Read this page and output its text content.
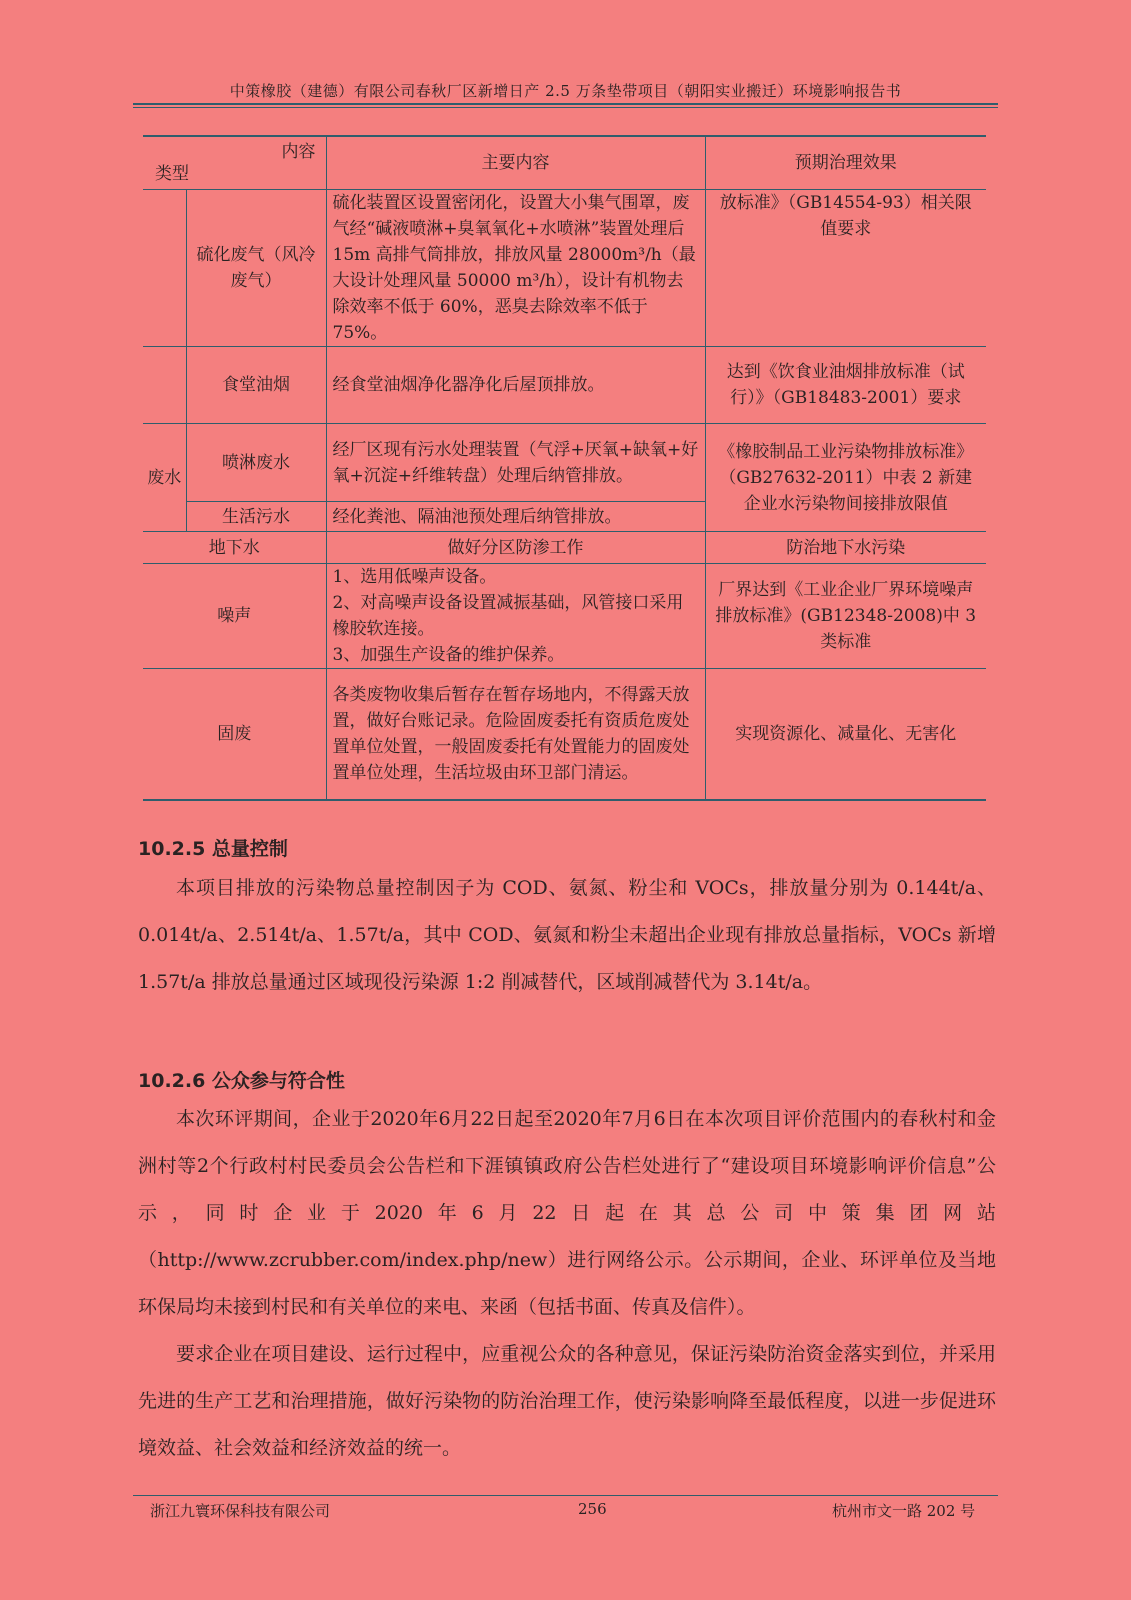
中策橡胶（建德）有限公司春秋厂区新增日产 2.5 万条垫带项目（朝阳实业搬迁）环境影响报告书
内容
类型		主要内容	预期治理效果
	硫化废气（风冷废气）	硫化装置区设置密闭化，设置大小集气围罩，废气经“碱液喷淋+臭氧氧化+水喷淋”装置处理后 15m 高排气筒排放，排放风量 28000m³/h（最大设计处理风量 50000 m³/h），设计有机物去除效率不低于 60%，恶臭去除效率不低于 75%。	放标准》（GB14554-93）相关限值要求
	食堂油烟	经食堂油烟净化器净化后屋顶排放。	达到《饮食业油烟排放标准（试行）》（GB18483-2001）要求
废水	喷淋废水	经厂区现有污水处理装置（气浮+厌氧+缺氧+好氧+沉淀+纤维转盘）处理后纳管排放。	《橡胶制品工业污染物排放标准》（GB27632-2011）中表 2 新建企业水污染物间接排放限值
	生活污水	经化粪池、隔油池预处理后纳管排放。	
地下水		做好分区防渗工作	防治地下水污染
噪声		1、选用低噪声设备。
2、对高噪声设备设置减振基础，风管接口采用橡胶软连接。
3、加强生产设备的维护保养。	厂界达到《工业企业厂界环境噪声排放标准》(GB12348-2008)中 3 类标准
固废		各类废物收集后暂存在暂存场地内，不得露天放置，做好台账记录。危险固废委托有资质危废处置单位处置，一般固废委托有处置能力的固废处置单位处理，生活垃圾由环卫部门清运。	实现资源化、减量化、无害化
10.2.5 总量控制

本项目排放的污染物总量控制因子为 COD、氨氮、粉尘和 VOCs，排放量分别为 0.144t/a、0.014t/a、2.514t/a、1.57t/a，其中 COD、氨氮和粉尘未超出企业现有排放总量指标，VOCs 新增 1.57t/a 排放总量通过区域现役污染源 1:2 削减替代，区域削减替代为 3.14t/a。

10.2.6 公众参与符合性

本次环评期间，企业于2020年6月22日起至2020年7月6日在本次项目评价范围内的春秋村和金洲村等2个行政村村民委员会公告栏和下涯镇镇政府公告栏处进行了“建设项目环境影响评价信息”公示，同时企业于2020年6月22日起在其总公司中策集团网站（http://www.zcrubber.com/index.php/new）进行网络公示。公示期间，企业、环评单位及当地环保局均未接到村民和有关单位的来电、来函（包括书面、传真及信件）。

要求企业在项目建设、运行过程中，应重视公众的各种意见，保证污染防治资金落实到位，并采用先进的生产工艺和治理措施，做好污染物的防治治理工作，使污染影响降至最低程度，以进一步促进环境效益、社会效益和经济效益的统一。

浙江九寰环保科技有限公司	256	杭州市文一路 202 号
